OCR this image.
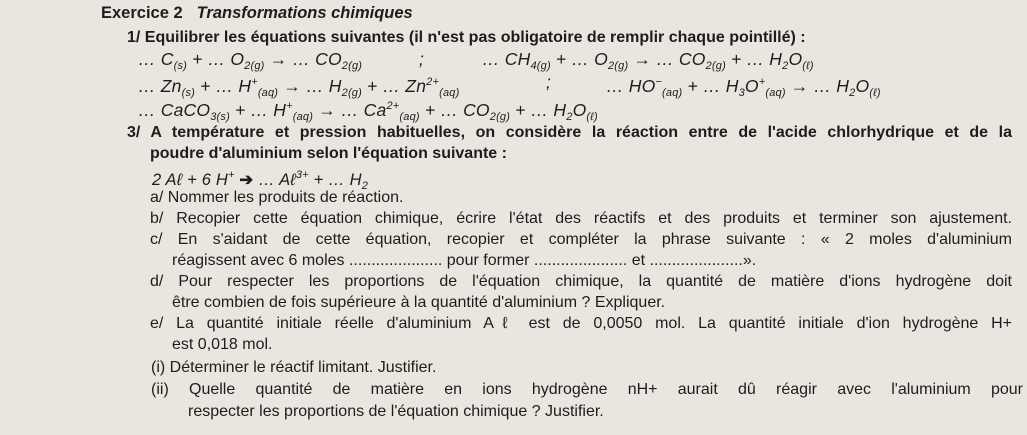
Exercice 2 Transformations chimiques
1/ Equilibrer les équations suivantes (il n'est pas obligatoire de remplir chaque pointillé) :
… $C_{(s)}$ + … $O_{2(g)}$ → … $CO_{2(g)}$	;	… $CH_{4(g)}$ + … $O_{2(g)}$ → … $CO_{2(g)}$ + … $H_2O_{(\ell)}$
… $Zn_{(s)}$ + … $H^+_{(aq)}$ → … $H_{2(g)}$ + … $Zn^{2+}_{(aq)}$
;	… $HO^-_{(aq)}$ + … $H_3O^+_{(aq)}$ → … $H_2O_{(\ell)}$
… CaCO$_{3(s)}$ + … $H^+_{(aq)}$ → … $Ca^{2+}_{(aq)}$ + … $CO_{2(g)}$ + … $H_2O_{(\ell)}$
3/ A température et pression habituelles, on considère la réaction entre de l'acide chlorhydrique et de la
poudre d'aluminium selon l'équation suivante :
2 Aℓ + 6 H+ ➔ … Aℓ$^{3+}$ + … $H_2$
a/ Nommer les produits de réaction.
b/ Recopier cette équation chimique, écrire l'état des réactifs et des produits et terminer son ajustement.
c/ En s'aidant de cette équation, recopier et compléter la phrase suivante : « 2 moles d'aluminium
réagissent avec 6 moles ..................... pour former ..................... et .....................».
d/ Pour respecter les proportions de l'équation chimique, la quantité de matière d'ions hydrogène doit
être combien de fois supérieure à la quantité d'aluminium ? Expliquer.
e/ La quantité initiale réelle d'aluminium Aℓ est de 0,0050 mol. La quantité initiale d'ion hydrogène H+
est 0,018 mol.
(i) Déterminer le réactif limitant. Justifier.
(ii) Quelle quantité de matière en ions hydrogène nH+ aurait dû réagir avec l'aluminium pour
respecter les proportions de l'équation chimique ? Justifier.
